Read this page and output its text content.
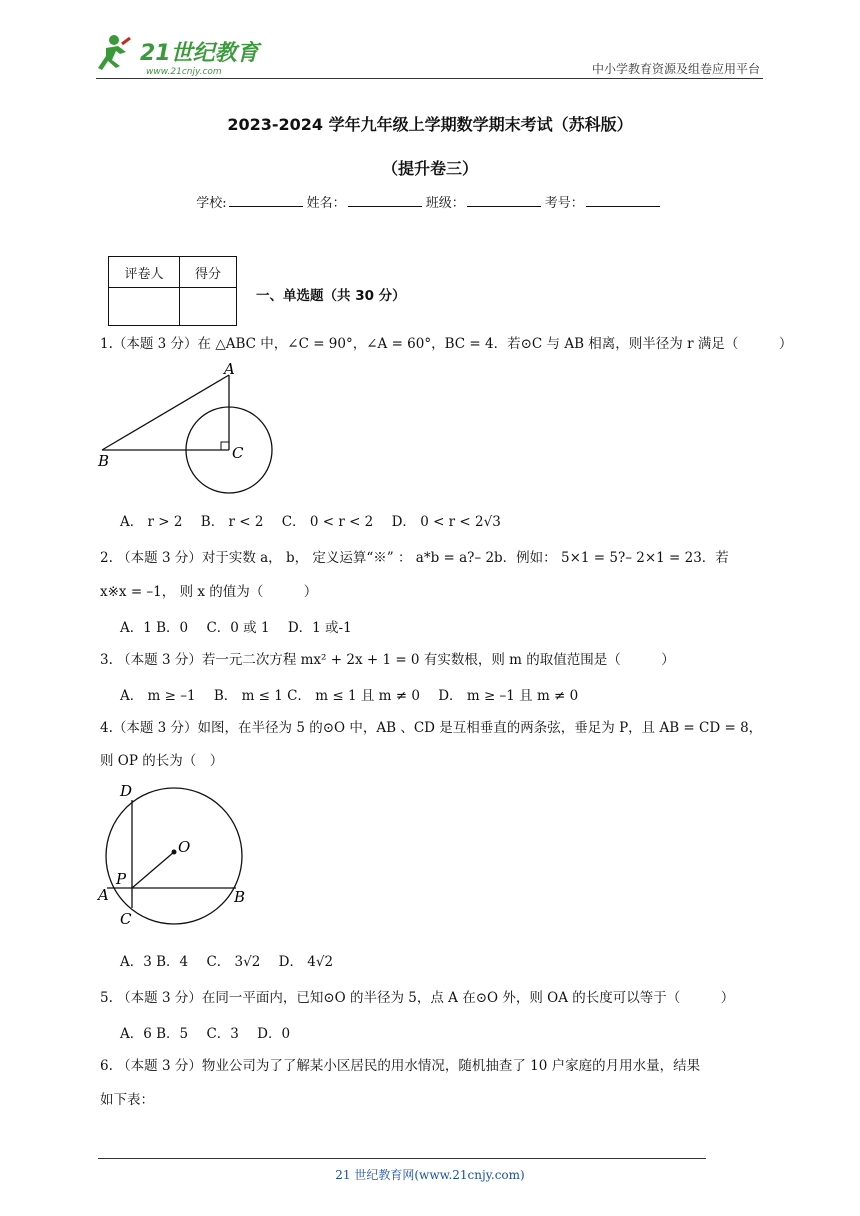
21世纪教育
www.21cnjy.com	中小学教育资源及组卷应用平台
2023-2024 学年九年级上学期数学期末考试（苏科版）
（提升卷三）
学校:	姓名：	班级：	考号：
评卷人	得分

一、单选题（共 30 分）
1.（本题 3 分）在 △ABC 中，∠C = 90°，∠A = 60°，BC = 4．若⊙C 与 AB 相离，则半径为 r 满足（　　　）
A
B	C
A． r > 2 B． r < 2 C． 0 < r < 2 D． 0 < r < 2√3
2. （本题 3 分）对于实数 a， b， 定义运算“※” ： a*b = a?– 2b．例如： 5×1 = 5?– 2×1 = 23．若
x※x = –1， 则 x 的值为（　　　）
A．1 B．0 C．0 或 1 D．1 或-1
3. （本题 3 分）若一元二次方程 mx² + 2x + 1 = 0 有实数根，则 m 的取值范围是（　　　）
A． m ≥ –1 B． m ≤ 1 C． m ≤ 1 且 m ≠ 0 D． m ≥ –1 且 m ≠ 0
4.（本题 3 分）如图，在半径为 5 的⊙O 中，AB 、CD 是互相垂直的两条弦，垂足为 P，且 AB = CD = 8，
则 OP 的长为（　）
D
O
P
A	B
C
A．3 B．4 C． 3√2 D． 4√2
5. （本题 3 分）在同一平面内，已知⊙O 的半径为 5，点 A 在⊙O 外，则 OA 的长度可以等于（　　　）
A．6 B．5 C．3 D．0
6. （本题 3 分）物业公司为了了解某小区居民的用水情况，随机抽查了 10 户家庭的月用水量，结果
如下表：
21 世纪教育网(www.21cnjy.com)
